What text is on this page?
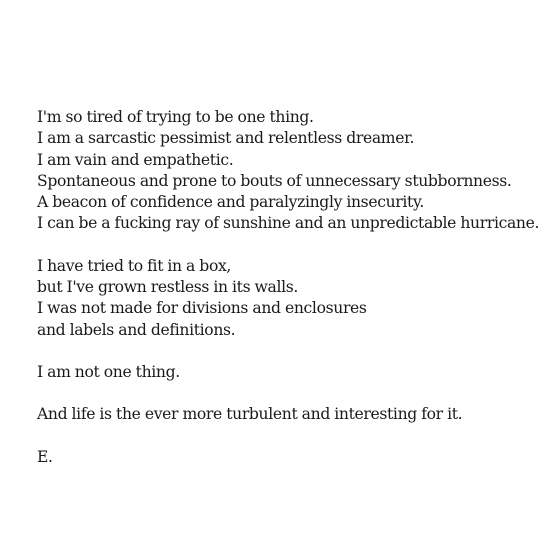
I'm so tired of trying to be one thing.
I am a sarcastic pessimist and relentless dreamer.
I am vain and empathetic.
Spontaneous and prone to bouts of unnecessary stubbornness.
A beacon of confidence and paralyzingly insecurity.
I can be a fucking ray of sunshine and an unpredictable hurricane.
I have tried to fit in a box,
but I've grown restless in its walls.
I was not made for divisions and enclosures
and labels and definitions.
I am not one thing.
And life is the ever more turbulent and interesting for it.
E.
